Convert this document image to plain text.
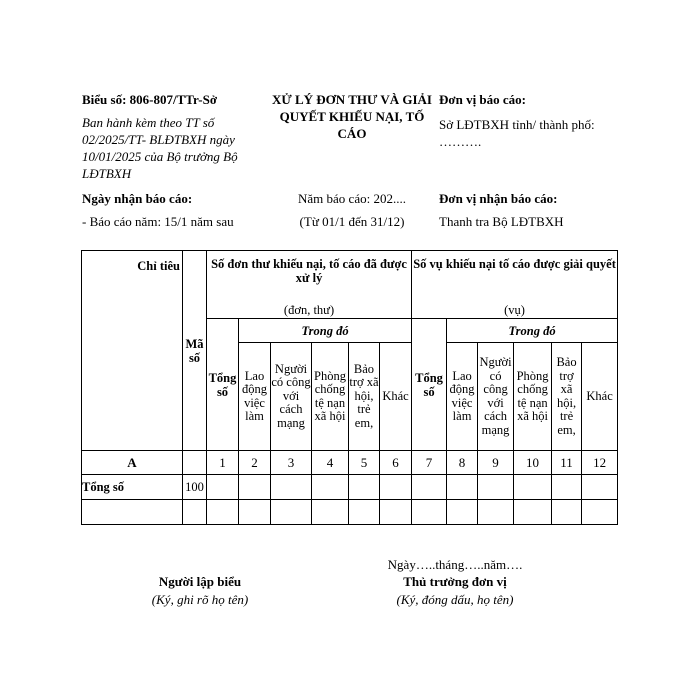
Biểu số: 806-807/TTr-Sở
Ban hành kèm theo TT số 02/2025/TT- BLĐTBXH ngày 10/01/2025 của Bộ trưởng Bộ LĐTBXH
XỬ LÝ ĐƠN THƯ VÀ GIẢI QUYẾT KHIẾU NẠI, TỐ CÁO
Đơn vị báo cáo:
Sở LĐTBXH tỉnh/ thành phố: ……….
Ngày nhận báo cáo:
- Báo cáo năm: 15/1 năm sau
Năm báo cáo: 202....
(Từ 01/1 đến 31/12)
Đơn vị nhận báo cáo:
Thanh tra Bộ LĐTBXH
Chỉ tiêu	Mã số	Số đơn thư khiếu nại, tố cáo đã được xử lý						Số vụ khiếu nại tố cáo được giải quyết					
		(đơn, thư)						(vụ)					
		Tổng số	Trong đó					Tổng số	Trong đó				
			Lao động việc làm	Người có công với cách mạng	Phòng chống tệ nạn xã hội	Bảo trợ xã hội, trẻ em,	Khác		Lao động việc làm	Người có công với cách mạng	Phòng chống tệ nạn xã hội	Bảo trợ xã hội, trẻ em,	Khác

A		1	2	3	4	5	6	7	8	9	10	11	12
Tổng số	100												

Ngày…..tháng…..năm….
Người lập biểu
(Ký, ghi rõ họ tên)
Thủ trưởng đơn vị
(Ký, đóng dấu, họ tên)
